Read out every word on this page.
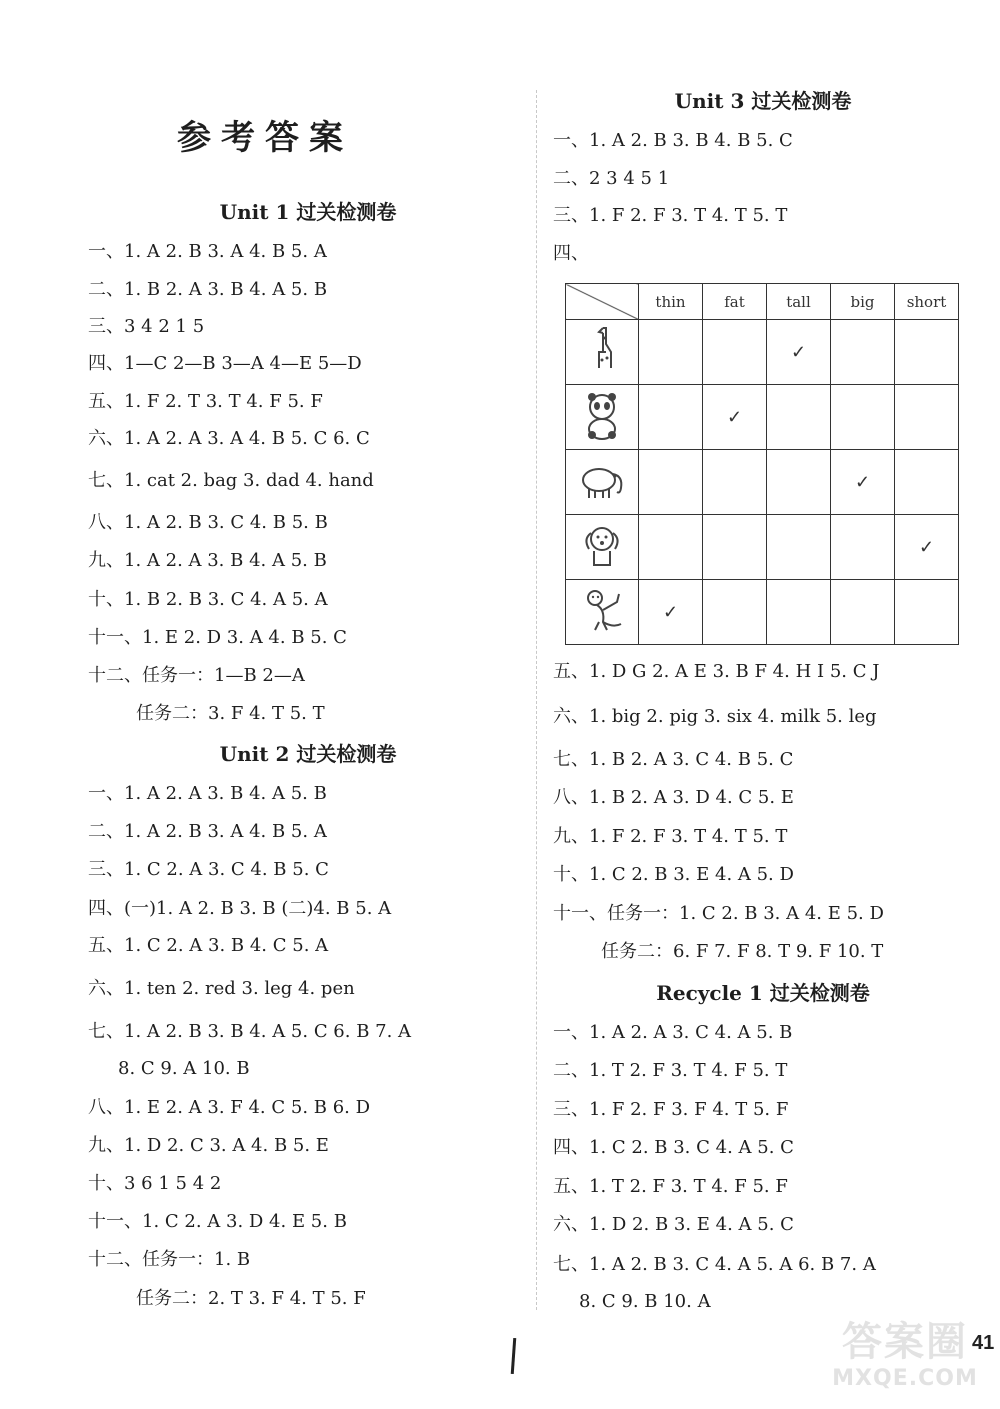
参考答案
Unit 1 过关检测卷
一、1. A 2. B 3. A 4. B 5. A
二、1. B 2. A 3. B 4. A 5. B
三、3 4 2 1 5
四、1—C 2—B 3—A 4—E 5—D
五、1. F 2. T 3. T 4. F 5. F
六、1. A 2. A 3. A 4. B 5. C 6. C
七、1. cat 2. bag 3. dad 4. hand
八、1. A 2. B 3. C 4. B 5. B
九、1. A 2. A 3. B 4. A 5. B
十、1. B 2. B 3. C 4. A 5. A
十一、1. E 2. D 3. A 4. B 5. C
十二、任务一：1—B 2—A
任务二：3. F 4. T 5. T
Unit 2 过关检测卷
一、1. A 2. A 3. B 4. A 5. B
二、1. A 2. B 3. A 4. B 5. A
三、1. C 2. A 3. C 4. B 5. C
四、(一)1. A 2. B 3. B (二)4. B 5. A
五、1. C 2. A 3. B 4. C 5. A
六、1. ten 2. red 3. leg 4. pen
七、1. A 2. B 3. B 4. A 5. C 6. B 7. A
8. C 9. A 10. B
八、1. E 2. A 3. F 4. C 5. B 6. D
九、1. D 2. C 3. A 4. B 5. E
十、3 6 1 5 4 2
十一、1. C 2. A 3. D 4. E 5. B
十二、任务一：1. B
任务二：2. T 3. F 4. T 5. F
Unit 3 过关检测卷
一、1. A 2. B 3. B 4. B 5. C
二、2 3 4 5 1
三、1. F 2. F 3. T 4. T 5. T
四、
五、1. D G 2. A E 3. B F 4. H I 5. C J
六、1. big 2. pig 3. six 4. milk 5. leg
七、1. B 2. A 3. C 4. B 5. C
八、1. B 2. A 3. D 4. C 5. E
九、1. F 2. F 3. T 4. T 5. T
十、1. C 2. B 3. E 4. A 5. D
十一、任务一：1. C 2. B 3. A 4. E 5. D
任务二：6. F 7. F 8. T 9. F 10. T
Recycle 1 过关检测卷
一、1. A 2. A 3. C 4. A 5. B
二、1. T 2. F 3. T 4. F 5. T
三、1. F 2. F 3. F 4. T 5. F
四、1. C 2. B 3. C 4. A 5. C
五、1. T 2. F 3. T 4. F 5. F
六、1. D 2. B 3. E 4. A 5. C
七、1. A 2. B 3. C 4. A 5. A 6. B 7. A
8. C 9. B 10. A
	thin	fat	tall	big	short
			✓		
		✓			
				✓	
					✓
	✓				
答案圈
MXQE.COM
41
